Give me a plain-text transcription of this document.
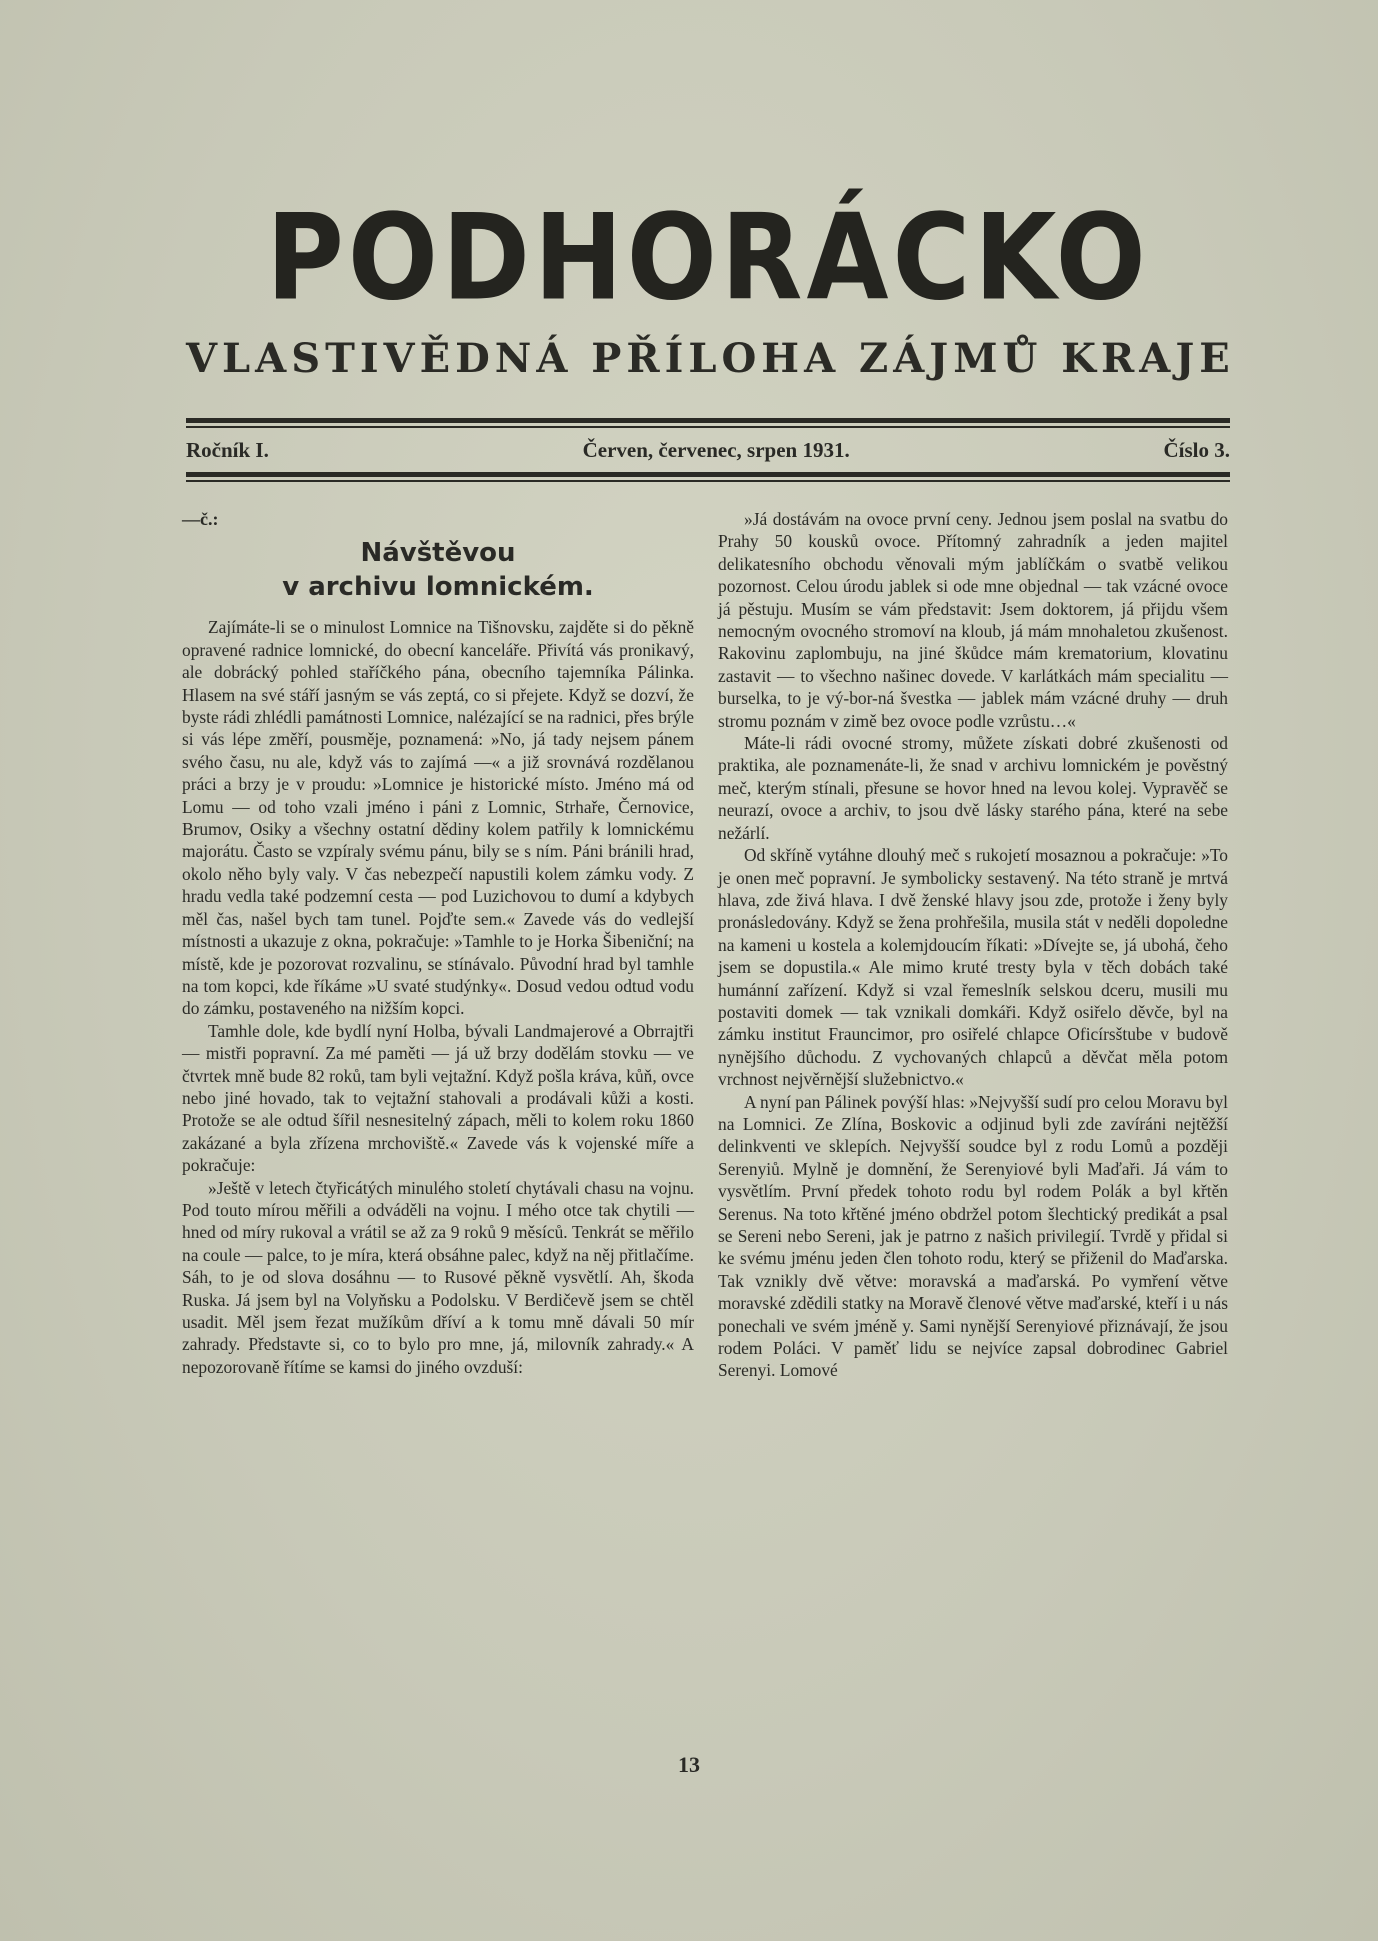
PODHORÁCKO
VLASTIVĚDNÁ PŘÍLOHA ZÁJMŮ KRAJE
Ročník I.	Červen, červenec, srpen 1931.	Číslo 3.
—č.:
Návštěvou
v archivu lomnickém.

Zajímáte-li se o minulost Lomnice na Tišnovsku, zajděte si do pěkně opravené radnice lomnické, do obecní kanceláře. Přivítá vás pronikavý, ale dobrácký pohled staříčkého pána, obecního tajemníka Pálinka. Hlasem na své stáří jasným se vás zeptá, co si přejete. Když se dozví, že byste rádi zhlédli památnosti Lomnice, nalézající se na radnici, přes brýle si vás lépe změří, pousměje, poznamená: »No, já tady nejsem pánem svého času, nu ale, když vás to zajímá —« a již srovnává rozdělanou práci a brzy je v proudu: »Lomnice je historické místo. Jméno má od Lomu — od toho vzali jméno i páni z Lomnic, Strhaře, Černovice, Brumov, Osiky a všechny ostatní dědiny kolem patřily k lomnickému majorátu. Často se vzpíraly svému pánu, bily se s ním. Páni bránili hrad, okolo něho byly valy. V čas nebezpečí napustili kolem zámku vody. Z hradu vedla také podzemní cesta — pod Luzichovou to dumí a kdybych měl čas, našel bych tam tunel. Pojďte sem.« Zavede vás do vedlejší místnosti a ukazuje z okna, pokračuje: »Tamhle to je Horka Šibeniční; na místě, kde je pozorovat rozvalinu, se stínávalo. Původní hrad byl tamhle na tom kopci, kde říkáme »U svaté studýnky«. Dosud vedou odtud vodu do zámku, postaveného na nižším kopci.

Tamhle dole, kde bydlí nyní Holba, bývali Landmajerové a Obrrajtři — mistři popravní. Za mé paměti — já už brzy dodělám stovku — ve čtvrtek mně bude 82 roků, tam byli vejtažní. Když pošla kráva, kůň, ovce nebo jiné hovado, tak to vejtažní stahovali a prodávali kůži a kosti. Protože se ale odtud šířil nesnesitelný zápach, měli to kolem roku 1860 zakázané a byla zřízena mrchoviště.« Zavede vás k vojenské míře a pokračuje:

»Ještě v letech čtyřicátých minulého století chytávali chasu na vojnu. Pod touto mírou měřili a odváděli na vojnu. I mého otce tak chytili — hned od míry rukoval a vrátil se až za 9 roků 9 měsíců. Tenkrát se měřilo na coule — palce, to je míra, která obsáhne palec, když na něj přitlačíme. Sáh, to je od slova dosáhnu — to Rusové pěkně vysvětlí. Ah, škoda Ruska. Já jsem byl na Volyňsku a Podolsku. V Berdičevě jsem se chtěl usadit. Měl jsem řezat mužíkům dříví a k tomu mně dávali 50 mír zahrady. Představte si, co to bylo pro mne, já, milovník zahrady.« A nepozorovaně řítíme se kamsi do jiného ovzduší:

»Já dostávám na ovoce první ceny. Jednou jsem poslal na svatbu do Prahy 50 kousků ovoce. Přítomný zahradník a jeden majitel delikatesního obchodu věnovali mým jablíčkám o svatbě velikou pozornost. Celou úrodu jablek si ode mne objednal — tak vzácné ovoce já pěstuju. Musím se vám představit: Jsem doktorem, já přijdu všem nemocným ovocného stromoví na kloub, já mám mnohaletou zkušenost. Rakovinu zaplombuju, na jiné škůdce mám krematorium, klovatinu zastavit — to všechno našinec dovede. V karlátkách mám specialitu — burselka, to je vý-bor-ná švestka — jablek mám vzácné druhy — druh stromu poznám v zimě bez ovoce podle vzrůstu…«

Máte-li rádi ovocné stromy, můžete získati dobré zkušenosti od praktika, ale poznamenáte-li, že snad v archivu lomnickém je pověstný meč, kterým stínali, přesune se hovor hned na levou kolej. Vypravěč se neurazí, ovoce a archiv, to jsou dvě lásky starého pána, které na sebe nežárlí.

Od skříně vytáhne dlouhý meč s rukojetí mosaznou a pokračuje: »To je onen meč popravní. Je symbolicky sestavený. Na této straně je mrtvá hlava, zde živá hlava. I dvě ženské hlavy jsou zde, protože i ženy byly pronásledovány. Když se žena prohřešila, musila stát v neděli dopoledne na kameni u kostela a kolemjdoucím říkati: »Dívejte se, já ubohá, čeho jsem se dopustila.« Ale mimo kruté tresty byla v těch dobách také humánní zařízení. Když si vzal řemeslník selskou dceru, musili mu postaviti domek — tak vznikali domkáři. Když osiřelo děvče, byl na zámku institut Frauncimor, pro osiřelé chlapce Oficírsštube v budově nynějšího důchodu. Z vychovaných chlapců a děvčat měla potom vrchnost nejvěrnější služebnictvo.«

A nyní pan Pálinek povýší hlas: »Nejvyšší sudí pro celou Moravu byl na Lomnici. Ze Zlína, Boskovic a odjinud byli zde zavíráni nejtěžší delinkventi ve sklepích. Nejvyšší soudce byl z rodu Lomů a později Serenyiů. Mylně je domnění, že Serenyiové byli Maďaři. Já vám to vysvětlím. První předek tohoto rodu byl rodem Polák a byl křtěn Serenus. Na toto křtěné jméno obdržel potom šlechtický predikát a psal se Sereni nebo Sereni, jak je patrno z našich privilegií. Tvrdě y přidal si ke svému jménu jeden člen tohoto rodu, který se přiženil do Maďarska. Tak vznikly dvě větve: moravská a maďarská. Po vymření větve moravské zdědili statky na Moravě členové větve maďarské, kteří i u nás ponechali ve svém jméně y. Sami nynější Serenyiové přiznávají, že jsou rodem Poláci. V paměť lidu se nejvíce zapsal dobrodinec Gabriel Serenyi. Lomové

13
